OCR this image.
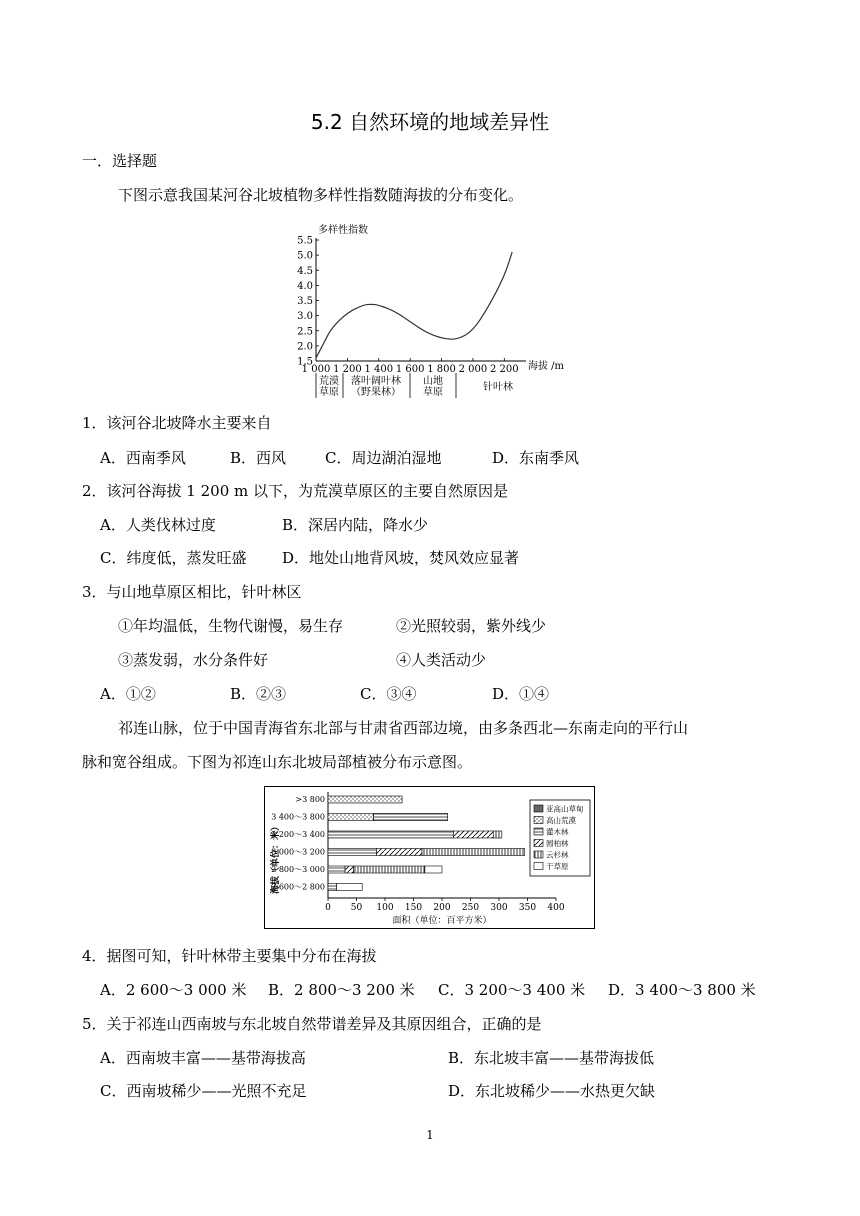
5.2 自然环境的地域差异性
一．选择题
下图示意我国某河谷北坡植物多样性指数随海拔的分布变化。
多样性指数
5.5
5.0
4.5
4.0
3.5
3.0
2.5
2.0
1.5
1 000 1 200 1 400 1 600 1 800 2 000 2 200 海拔 /m
荒漠
草原
落叶阔叶林
（野果林）
山地
草原	针叶林
1．该河谷北坡降水主要来自
A．西南季风	B．西风	C．周边湖泊湿地	D．东南季风
2．该河谷海拔 1 200 m 以下，为荒漠草原区的主要自然原因是
A．人类伐林过度	B．深居内陆，降水少
C．纬度低，蒸发旺盛 D．地处山地背风坡，焚风效应显著
3．与山地草原区相比，针叶林区
①年均温低，生物代谢慢，易生存	②光照较弱，紫外线少
③蒸发弱，水分条件好	④人类活动少
A．①②	B．②③	C．③④	D．①④
祁连山脉，位于中国青海省东北部与甘肃省西部边境，由多条西北—东南走向的平行山
脉和宽谷组成。下图为祁连山东北坡局部植被分布示意图。
海拔（单位：米）
>3 800
3 400～3 800
3 200～3 400
3 000～3 200
2 800～3 000
2 600～2 800
0 50 100 150 200 250 300 350 400
面积（单位：百平方米）
亚高山草甸
高山荒漠
灌木林
圆柏林
云杉林
干草原
4．据图可知，针叶林带主要集中分布在海拔
A．2 600～3 000 米 B．2 800～3 200 米 C．3 200～3 400 米 D．3 400～3 800 米
5．关于祁连山西南坡与东北坡自然带谱差异及其原因组合，正确的是
A．西南坡丰富——基带海拔高	B．东北坡丰富——基带海拔低
C．西南坡稀少——光照不充足	D．东北坡稀少——水热更欠缺
1
